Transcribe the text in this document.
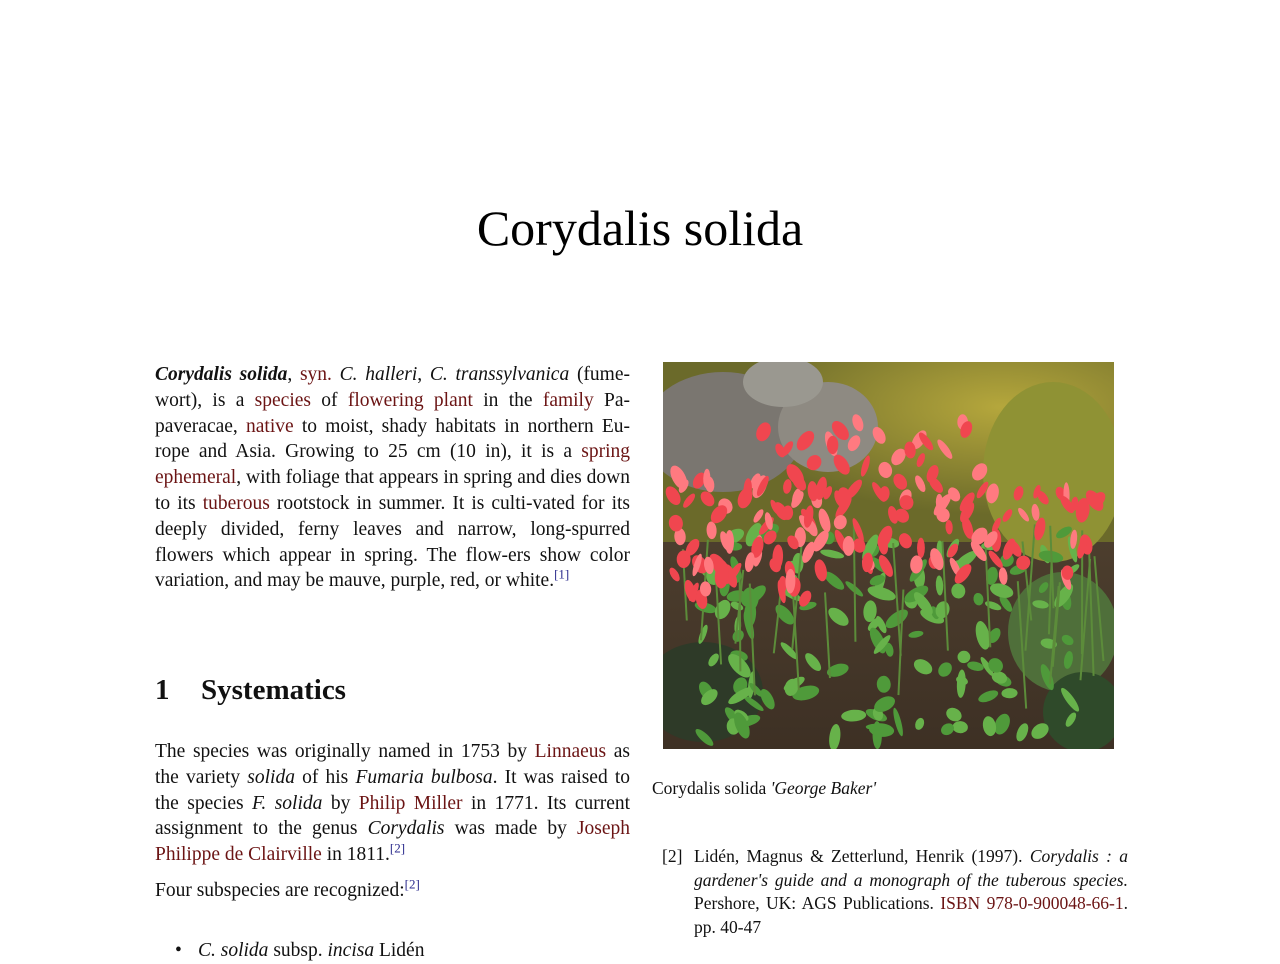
Corydalis solida
Corydalis solida, syn. C. halleri, C. transsylvanica (fume-wort), is a species of flowering plant in the family Pa-paveracae, native to moist, shady habitats in northern Eu-rope and Asia. Growing to 25 cm (10 in), it is a spring ephemeral, with foliage that appears in spring and dies down to its tuberous rootstock in summer. It is culti-vated for its deeply divided, ferny leaves and narrow, long-spurred flowers which appear in spring. The flow-ers show color variation, and may be mauve, purple, red, or white.[1]
1 Systematics

The species was originally named in 1753 by Linnaeus as the variety solida of his Fumaria bulbosa. It was raised to the species F. solida by Philip Miller in 1771. Its current assignment to the genus Corydalis was made by Joseph Philippe de Clairville in 1811.[2]

Four subspecies are recognized:[2]

• C. solida subsp. incisa Lidén
Corydalis solida 'George Baker'
[2] Lidén, Magnus & Zetterlund, Henrik (1997). Corydalis : a gardener's guide and a monograph of the tuberous species. Pershore, UK: AGS Publications. ISBN 978-0-900048-66-1. pp. 40-47
